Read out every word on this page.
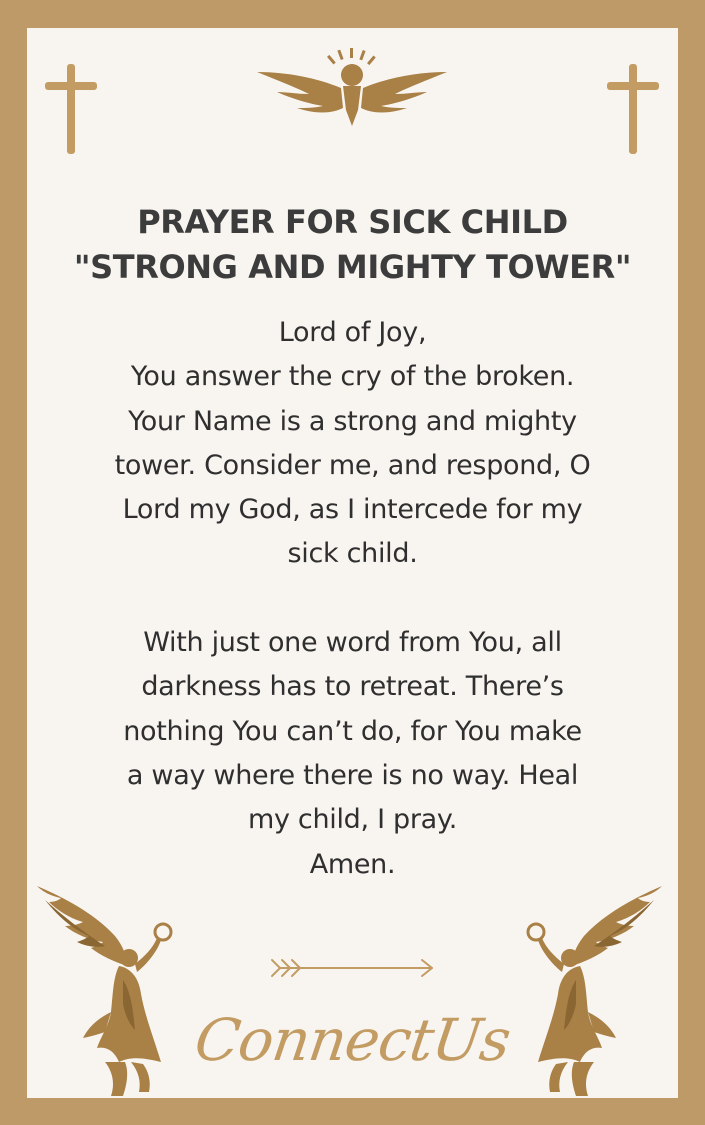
PRAYER FOR SICK CHILD
"STRONG AND MIGHTY TOWER"
Lord of Joy,
You answer the cry of the broken.
Your Name is a strong and mighty
tower. Consider me, and respond, O
Lord my God, as I intercede for my
sick child.
With just one word from You, all
darkness has to retreat. There’s
nothing You can’t do, for You make
a way where there is no way. Heal
my child, I pray.
Amen.
ConnectUs
